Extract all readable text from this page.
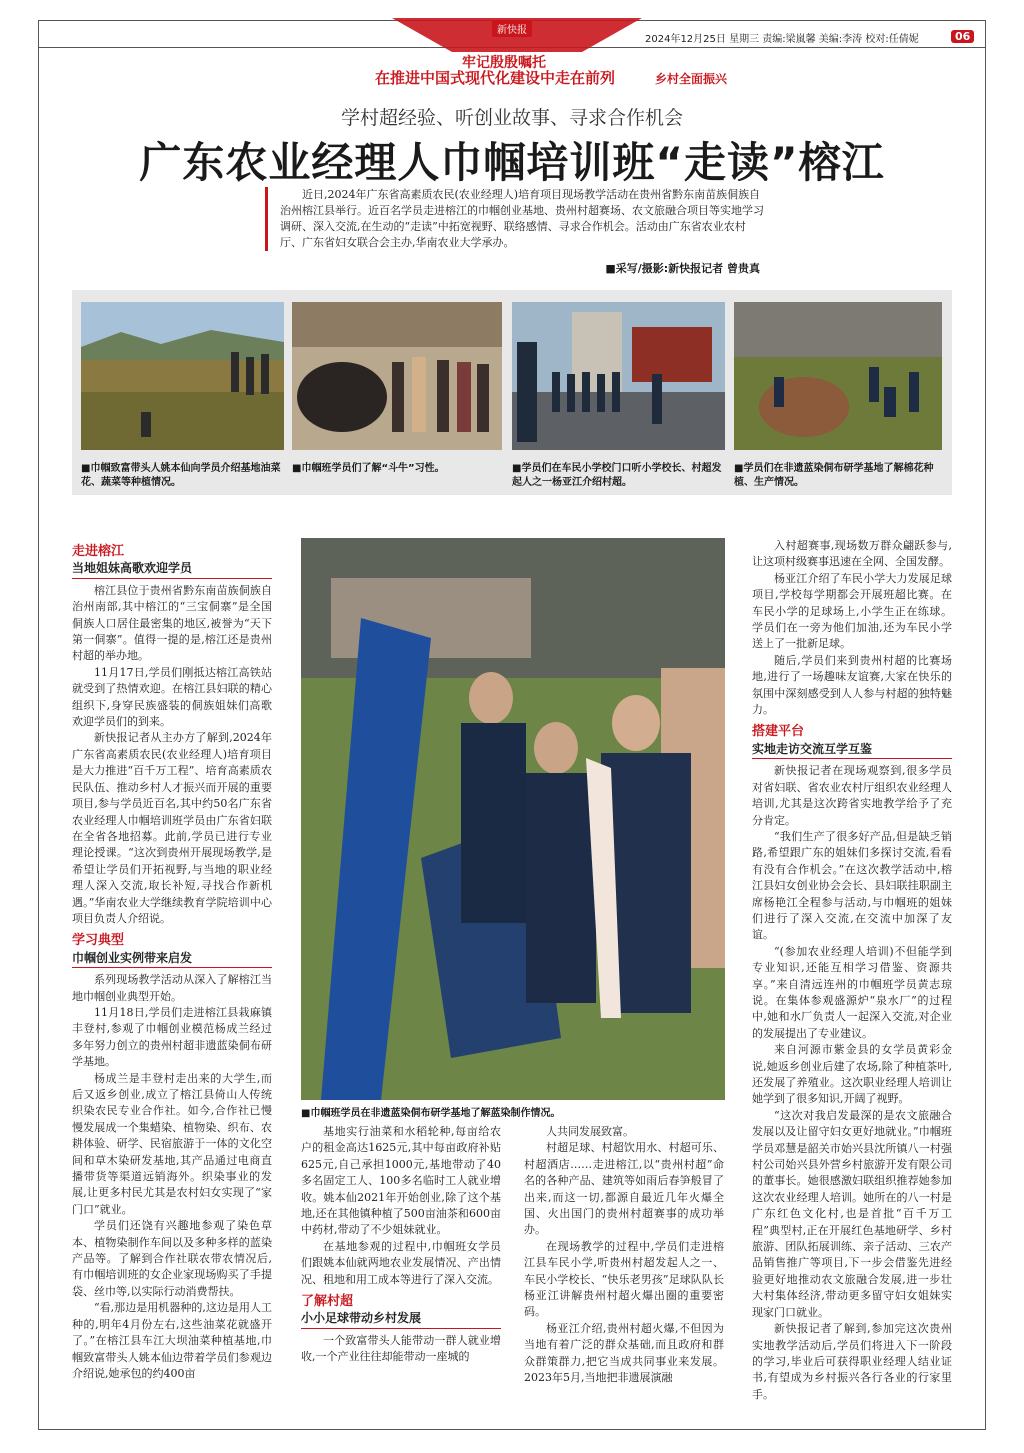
新快报
牢记殷殷嘱托
在推进中国式现代化建设中走在前列	乡村全面振兴
2024年12月25日 星期三 责编:梁嵐馨 美编:李涛 校对:任倩妮	06
学村超经验、听创业故事、寻求合作机会
广东农业经理人巾帼培训班“走读”榕江
近日,2024年广东省高素质农民(农业经理人)培育项目现场教学活动在贵州省黔东南苗族侗族自治州榕江县举行。近百名学员走进榕江的巾帼创业基地、贵州村超赛场、农文旅融合项目等实地学习调研、深入交流,在生动的“走读”中拓宽视野、联络感情、寻求合作机会。活动由广东省农业农村厅、广东省妇女联合会主办,华南农业大学承办。
■采写/摄影:新快报记者 曾贵真
■巾帼致富带头人姚本仙向学员介绍基地油菜花、蔬菜等种植情况。
■巾帼班学员们了解“斗牛”习性。	■学员们在车民小学校门口听小学校长、村超发起人之一杨亚江介绍村超。
■学员们在非遗蓝染侗布研学基地了解棉花种植、生产情况。
■巾帼班学员在非遗蓝染侗布研学基地了解蓝染制作情况。
走进榕江
当地姐妹高歌欢迎学员

榕江县位于贵州省黔东南苗族侗族自治州南部,其中榕江的“三宝侗寨”是全国侗族人口居住最密集的地区,被誉为“天下第一侗寨”。值得一提的是,榕江还是贵州村超的举办地。

11月17日,学员们刚抵达榕江高铁站就受到了热情欢迎。在榕江县妇联的精心组织下,身穿民族盛装的侗族姐妹们高歌欢迎学员们的到来。

新快报记者从主办方了解到,2024年广东省高素质农民(农业经理人)培育项目是大力推进“百千万工程”、培育高素质农民队伍、推动乡村人才振兴而开展的重要项目,参与学员近百名,其中约50名广东省农业经理人巾帼培训班学员由广东省妇联在全省各地招募。此前,学员已进行专业理论授课。“这次到贵州开展现场教学,是希望让学员们开拓视野,与当地的职业经理人深入交流,取长补短,寻找合作新机遇。”华南农业大学继续教育学院培训中心项目负责人介绍说。

学习典型
巾帼创业实例带来启发

系列现场教学活动从深入了解榕江当地巾帼创业典型开始。

11月18日,学员们走进榕江县栽麻镇丰登村,参观了巾帼创业模范杨成兰经过多年努力创立的贵州村超非遗蓝染侗布研学基地。

杨成兰是丰登村走出来的大学生,而后又返乡创业,成立了榕江县倚山人传统织染农民专业合作社。如今,合作社已慢慢发展成一个集蜡染、植物染、织布、农耕体验、研学、民宿旅游于一体的文化空间和草木染研发基地,其产品通过电商直播带货等渠道远销海外。织染事业的发展,让更多村民尤其是农村妇女实现了“家门口”就业。

学员们还饶有兴趣地参观了染色草本、植物染制作车间以及多种多样的蓝染产品等。了解到合作社联农带农情况后,有巾帼培训班的女企业家现场购买了手提袋、丝巾等,以实际行动消费帮扶。

“看,那边是用机器种的,这边是用人工种的,明年4月份左右,这些油菜花就盛开了。”在榕江县车江大坝油菜种植基地,巾帼致富带头人姚本仙边带着学员们参观边介绍说,她承包的约400亩

基地实行油菜和水稻轮种,每亩给农户的租金高达1625元,其中每亩政府补贴625元,自己承担1000元,基地带动了40多名固定工人、100多名临时工人就业增收。姚本仙2021年开始创业,除了这个基地,还在其他镇种植了500亩油茶和600亩中药材,带动了不少姐妹就业。

在基地参观的过程中,巾帼班女学员们跟姚本仙就两地农业发展情况、产出情况、租地和用工成本等进行了深入交流。

了解村超
小小足球带动乡村发展

一个致富带头人能带动一群人就业增收,一个产业往往却能带动一座城的

人共同发展致富。

村超足球、村超饮用水、村超可乐、村超酒店……走进榕江,以“贵州村超”命名的各种产品、建筑等如雨后春笋般冒了出来,而这一切,都源自最近几年火爆全国、火出国门的贵州村超赛事的成功举办。

在现场教学的过程中,学员们走进榕江县车民小学,听贵州村超发起人之一、车民小学校长、“快乐老男孩”足球队队长杨亚江讲解贵州村超火爆出圈的重要密码。

杨亚江介绍,贵州村超火爆,不但因为当地有着广泛的群众基础,而且政府和群众群策群力,把它当成共同事业来发展。2023年5月,当地把非遗展演融

入村超赛事,现场数万群众翩跃参与,让这项村级赛事迅速在全网、全国发酵。

杨亚江介绍了车民小学大力发展足球项目,学校每学期都会开展班超比赛。在车民小学的足球场上,小学生正在练球。学员们在一旁为他们加油,还为车民小学送上了一批新足球。

随后,学员们来到贵州村超的比赛场地,进行了一场趣味友谊赛,大家在快乐的氛围中深刻感受到人人参与村超的独特魅力。

搭建平台
实地走访交流互学互鉴

新快报记者在现场观察到,很多学员对省妇联、省农业农村厅组织农业经理人培训,尤其是这次跨省实地教学给予了充分肯定。

“我们生产了很多好产品,但是缺乏销路,希望跟广东的姐妹们多探讨交流,看看有没有合作机会。”在这次教学活动中,榕江县妇女创业协会会长、县妇联挂职副主席杨艳江全程参与活动,与巾帼班的姐妹们进行了深入交流,在交流中加深了友谊。

“(参加农业经理人培训)不但能学到专业知识,还能互相学习借鉴、资源共享。”来自清远连州的巾帼班学员黄志琼说。在集体参观盛源炉“泉水厂”的过程中,她和水厂负责人一起深入交流,对企业的发展提出了专业建议。

来自河源市紫金县的女学员黄彩金说,她返乡创业后建了农场,除了种植茶叶,还发展了养殖业。这次职业经理人培训让她学到了很多知识,开阔了视野。

“这次对我启发最深的是农文旅融合发展以及让留守妇女更好地就业。”巾帼班学员邓慧是韶关市始兴县沈所镇八一村强村公司始兴县外营乡村旅游开发有限公司的董事长。她很感激妇联组织推荐她参加这次农业经理人培训。她所在的八一村是广东红色文化村,也是首批“百千万工程”典型村,正在开展红色基地研学、乡村旅游、团队拓展训练、亲子活动、三农产品销售推广等项目,下一步会借鉴先进经验更好地推动农文旅融合发展,进一步壮大村集体经济,带动更多留守妇女姐妹实现家门口就业。

新快报记者了解到,参加完这次贵州实地教学活动后,学员们将进入下一阶段的学习,毕业后可获得职业经理人结业证书,有望成为乡村振兴各行各业的行家里手。
